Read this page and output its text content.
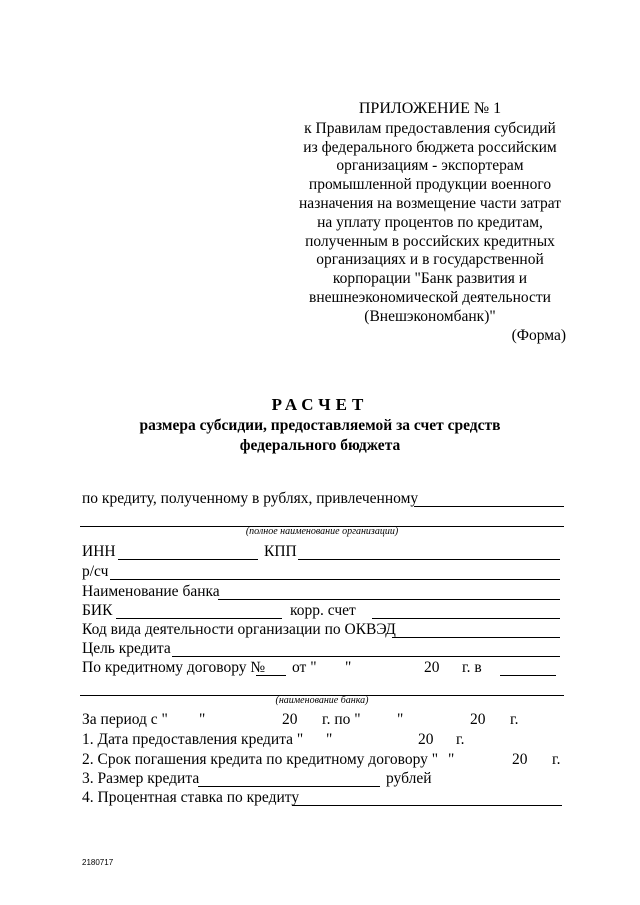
ПРИЛОЖЕНИЕ № 1
к Правилам предоставления субсидий
из федерального бюджета российским
организациям - экспортерам
промышленной продукции военного
назначения на возмещение части затрат
на уплату процентов по кредитам,
полученным в российских кредитных
организациях и в государственной
корпорации "Банк развития и
внешнеэкономической деятельности
(Внешэкономбанк)"
(Форма)
РАСЧЕТ
размера субсидии, предоставляемой за счет средств
федерального бюджета
по кредиту, полученному в рублях, привлеченному
(полное наименование организации)
ИНН	КПП
р/сч
Наименование банка
БИК	корр. счет
Код вида деятельности организации по ОКВЭД
Цель кредита
По кредитному договору № от " "	20 г. в
(наименование банка)
За период с " "	20 г. по " "	20 г.
1. Дата предоставления кредита " "	20 г.
2. Срок погашения кредита по кредитному договору " "	20 г.
3. Размер кредита	рублей
4. Процентная ставка по кредиту
2180717
